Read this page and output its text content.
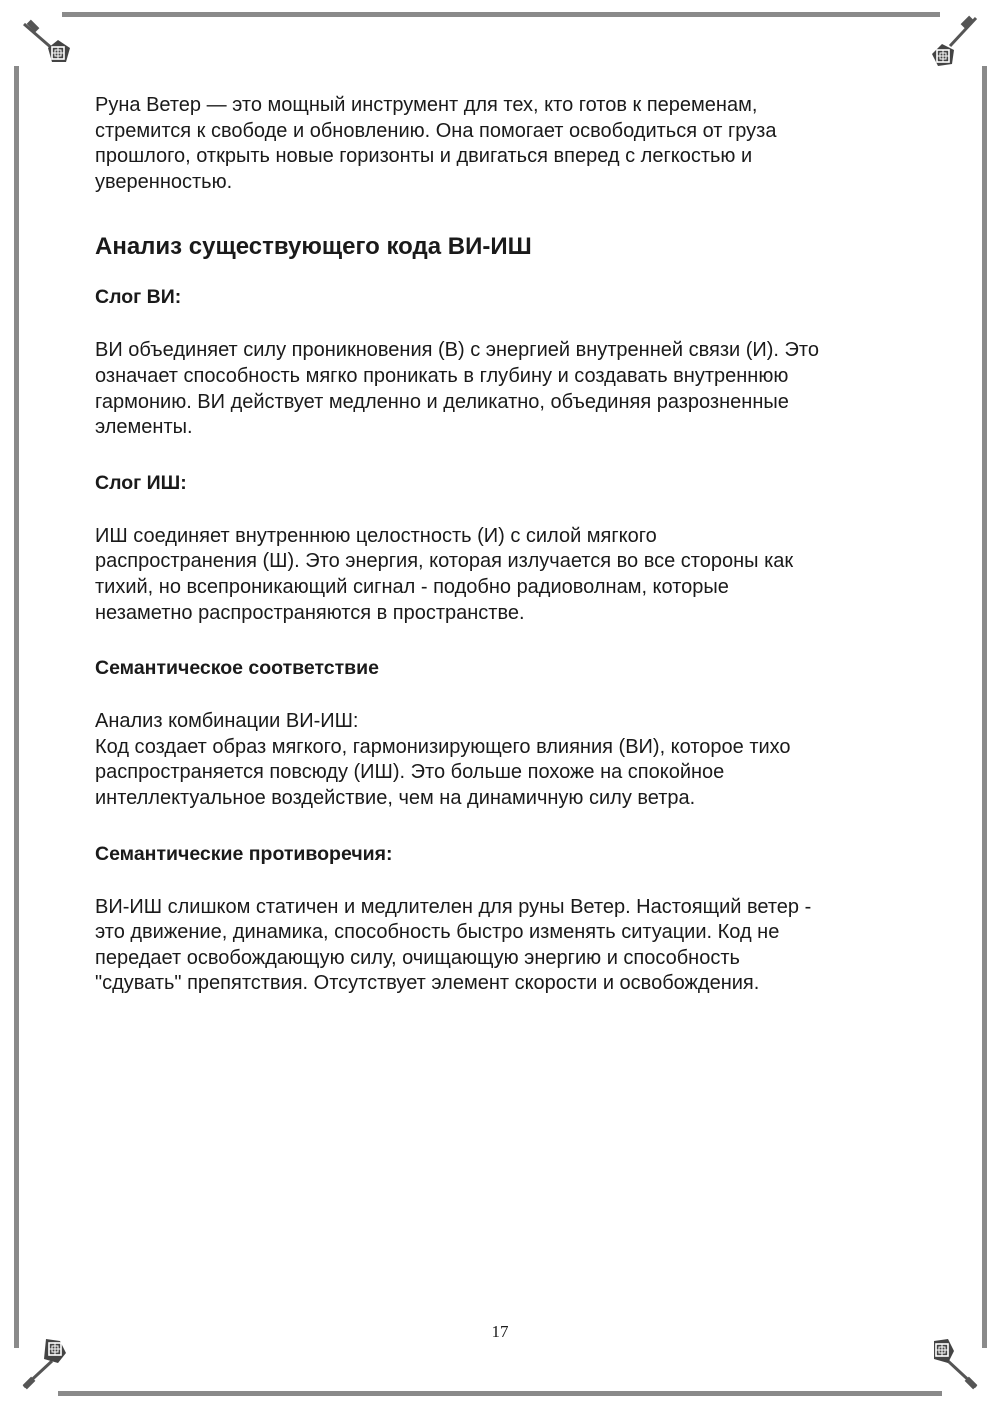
Руна Ветер — это мощный инструмент для тех, кто готов к переменам,
стремится к свободе и обновлению. Она помогает освободиться от груза
прошлого, открыть новые горизонты и двигаться вперед с легкостью и
уверенностью.

Анализ существующего кода ВИ-ИШ
Слог ВИ:

ВИ объединяет силу проникновения (В) с энергией внутренней связи (И). Это
означает способность мягко проникать в глубину и создавать внутреннюю
гармонию. ВИ действует медленно и деликатно, объединяя разрозненные
элементы.

Слог ИШ:

ИШ соединяет внутреннюю целостность (И) с силой мягкого
распространения (Ш). Это энергия, которая излучается во все стороны как
тихий, но всепроникающий сигнал - подобно радиоволнам, которые
незаметно распространяются в пространстве.

Семантическое соответствие

Анализ комбинации ВИ-ИШ:
Код создает образ мягкого, гармонизирующего влияния (ВИ), которое тихо
распространяется повсюду (ИШ). Это больше похоже на спокойное
интеллектуальное воздействие, чем на динамичную силу ветра.

Семантические противоречия:

ВИ-ИШ слишком статичен и медлителен для руны Ветер. Настоящий ветер -
это движение, динамика, способность быстро изменять ситуации. Код не
передает освобождающую силу, очищающую энергию и способность
"сдувать" препятствия. Отсутствует элемент скорости и освобождения.

17
